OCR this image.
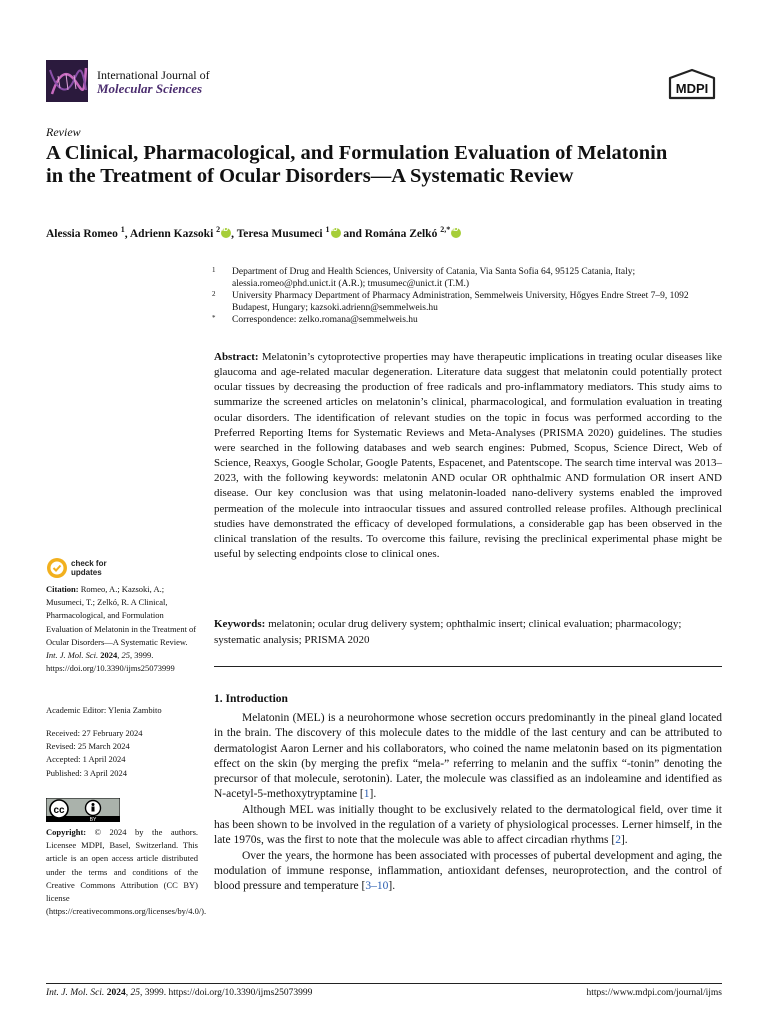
International Journal of
Molecular Sciences	MDPI
Review
A Clinical, Pharmacological, and Formulation Evaluation of Melatonin in the Treatment of Ocular Disorders—A Systematic Review
Alessia Romeo $^1$, Adrienn Kazsoki $^2$iD , Teresa Musumeci $^1$iD and Romána Zelkó $^{2,*}$iD
1 Department of Drug and Health Sciences, University of Catania, Via Santa Sofia 64, 95125 Catania, Italy; alessia.romeo@phd.unict.it (A.R.); tmusumec@unict.it (T.M.)
2 University Pharmacy Department of Pharmacy Administration, Semmelweis University, Hőgyes Endre Street 7–9, 1092 Budapest, Hungary; kazsoki.adrienn@semmelweis.hu
* Correspondence: zelko.romana@semmelweis.hu
Abstract: Melatonin’s cytoprotective properties may have therapeutic implications in treating ocular diseases like glaucoma and age-related macular degeneration. Literature data suggest that melatonin could potentially protect ocular tissues by decreasing the production of free radicals and pro-inflammatory mediators. This study aims to summarize the screened articles on melatonin’s clinical, pharmacological, and formulation evaluation in treating ocular disorders. The identification of relevant studies on the topic in focus was performed according to the Preferred Reporting Items for Systematic Reviews and Meta-Analyses (PRISMA 2020) guidelines. The studies were searched in the following databases and web search engines: Pubmed, Scopus, Science Direct, Web of Science, Reaxys, Google Scholar, Google Patents, Espacenet, and Patentscope. The search time interval was 2013–2023, with the following keywords: melatonin AND ocular OR ophthalmic AND formulation OR insert AND disease. Our key conclusion was that using melatonin-loaded nano-delivery systems enabled the improved permeation of the molecule into intraocular tissues and assured controlled release profiles. Although preclinical studies have demonstrated the efficacy of developed formulations, a considerable gap has been observed in the clinical translation of the results. To overcome this failure, revising the preclinical experimental phase might be useful by selecting endpoints close to clinical ones.
Keywords: melatonin; ocular drug delivery system; ophthalmic insert; clinical evaluation; pharmacology; systematic analysis; PRISMA 2020
1. Introduction

Melatonin (MEL) is a neurohormone whose secretion occurs predominantly in the pineal gland located in the brain. The discovery of this molecule dates to the middle of the last century and can be attributed to dermatologist Aaron Lerner and his collaborators, who coined the name melatonin based on its pigmentation effect on the skin (by merging the prefix “mela-” referring to melanin and the suffix “-tonin” denoting the precursor of that molecule, serotonin). Later, the molecule was classified as an indoleamine and identified as N-acetyl-5-methoxytryptamine [1].

Although MEL was initially thought to be exclusively related to the dermatological field, over time it has been shown to be involved in the regulation of a variety of physiological processes. Lerner himself, in the late 1970s, was the first to note that the molecule was able to affect circadian rhythms [2].

Over the years, the hormone has been associated with processes of pubertal development and aging, the modulation of immune response, inflammation, antioxidant defenses, neuroprotection, and the control of blood pressure and temperature [3–10].

check for
updates
Citation: Romeo, A.; Kazsoki, A.; Musumeci, T.; Zelkó, R. A Clinical, Pharmacological, and Formulation Evaluation of Melatonin in the Treatment of Ocular Disorders—A Systematic Review. Int. J. Mol. Sci. 2024, 25, 3999. https://doi.org/10.3390/ijms25073999
Academic Editor: Ylenia Zambito
Received: 27 February 2024
Revised: 25 March 2024
Accepted: 1 April 2024
Published: 3 April 2024
cc
BY
Copyright: © 2024 by the authors. Licensee MDPI, Basel, Switzerland. This article is an open access article distributed under the terms and conditions of the Creative Commons Attribution (CC BY) license (https://creativecommons.org/licenses/by/4.0/).
Int. J. Mol. Sci. 2024, 25, 3999. https://doi.org/10.3390/ijms25073999	https://www.mdpi.com/journal/ijms
